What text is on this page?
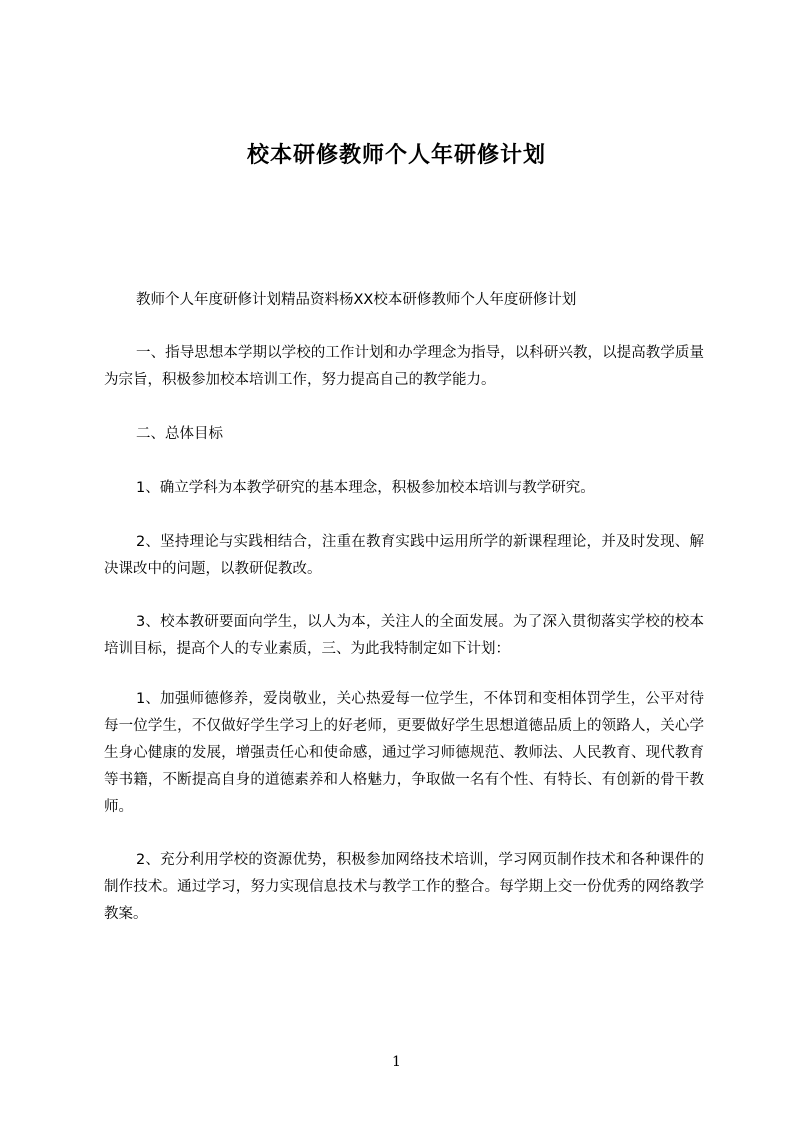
校本研修教师个人年研修计划

教师个人年度研修计划精品资料杨XX校本研修教师个人年度研修计划

一、指导思想本学期以学校的工作计划和办学理念为指导，以科研兴教，以提高教学质量为宗旨，积极参加校本培训工作，努力提高自己的教学能力。

二、总体目标

1、确立学科为本教学研究的基本理念，积极参加校本培训与教学研究。

2、坚持理论与实践相结合，注重在教育实践中运用所学的新课程理论，并及时发现、解决课改中的问题，以教研促教改。

3、校本教研要面向学生，以人为本，关注人的全面发展。为了深入贯彻落实学校的校本培训目标，提高个人的专业素质，三、为此我特制定如下计划：

1、加强师德修养，爱岗敬业，关心热爱每一位学生，不体罚和变相体罚学生，公平对待每一位学生，不仅做好学生学习上的好老师，更要做好学生思想道德品质上的领路人，关心学生身心健康的发展，增强责任心和使命感，通过学习师德规范、教师法、人民教育、现代教育等书籍，不断提高自身的道德素养和人格魅力，争取做一名有个性、有特长、有创新的骨干教师。

2、充分利用学校的资源优势，积极参加网络技术培训，学习网页制作技术和各种课件的制作技术。通过学习，努力实现信息技术与教学工作的整合。每学期上交一份优秀的网络教学教案。

1
